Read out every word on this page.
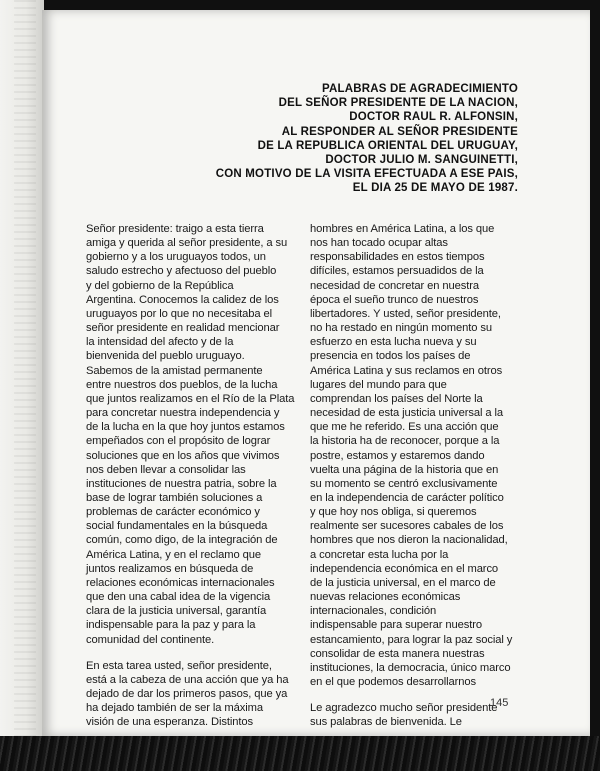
PALABRAS DE AGRADECIMIENTO
DEL SEÑOR PRESIDENTE DE LA NACION,
DOCTOR RAUL R. ALFONSIN,
AL RESPONDER AL SEÑOR PRESIDENTE
DE LA REPUBLICA ORIENTAL DEL URUGUAY,
DOCTOR JULIO M. SANGUINETTI,
CON MOTIVO DE LA VISITA EFECTUADA A ESE PAIS,
EL DIA 25 DE MAYO DE 1987.
Señor presidente: traigo a esta tierra
amiga y querida al señor presidente, a su
gobierno y a los uruguayos todos, un
saludo estrecho y afectuoso del pueblo
y del gobierno de la República
Argentina. Conocemos la calidez de los
uruguayos por lo que no necesitaba el
señor presidente en realidad mencionar
la intensidad del afecto y de la
bienvenida del pueblo uruguayo.
Sabemos de la amistad permanente
entre nuestros dos pueblos, de la lucha
que juntos realizamos en el Río de la Plata
para concretar nuestra independencia y
de la lucha en la que hoy juntos estamos
empeñados con el propósito de lograr
soluciones que en los años que vivimos
nos deben llevar a consolidar las
instituciones de nuestra patria, sobre la
base de lograr también soluciones a
problemas de carácter económico y
social fundamentales en la búsqueda
común, como digo, de la integración de
América Latina, y en el reclamo que
juntos realizamos en búsqueda de
relaciones económicas internacionales
que den una cabal idea de la vigencia
clara de la justicia universal, garantía
indispensable para la paz y para la
comunidad del continente.
En esta tarea usted, señor presidente,
está a la cabeza de una acción que ya ha
dejado de dar los primeros pasos, que ya
ha dejado también de ser la máxima
visión de una esperanza. Distintos
hombres en América Latina, a los que
nos han tocado ocupar altas
responsabilidades en estos tiempos
difíciles, estamos persuadidos de la
necesidad de concretar en nuestra
época el sueño trunco de nuestros
libertadores. Y usted, señor presidente,
no ha restado en ningún momento su
esfuerzo en esta lucha nueva y su
presencia en todos los países de
América Latina y sus reclamos en otros
lugares del mundo para que
comprendan los países del Norte la
necesidad de esta justicia universal a la
que me he referido. Es una acción que
la historia ha de reconocer, porque a la
postre, estamos y estaremos dando
vuelta una página de la historia que en
su momento se centró exclusivamente
en la independencia de carácter político
y que hoy nos obliga, si queremos
realmente ser sucesores cabales de los
hombres que nos dieron la nacionalidad,
a concretar esta lucha por la
independencia económica en el marco
de la justicia universal, en el marco de
nuevas relaciones económicas
internacionales, condición
indispensable para superar nuestro
estancamiento, para lograr la paz social y
consolidar de esta manera nuestras
instituciones, la democracia, único marco
en el que podemos desarrollarnos
Le agradezco mucho señor presidente
sus palabras de bienvenida. Le
145
